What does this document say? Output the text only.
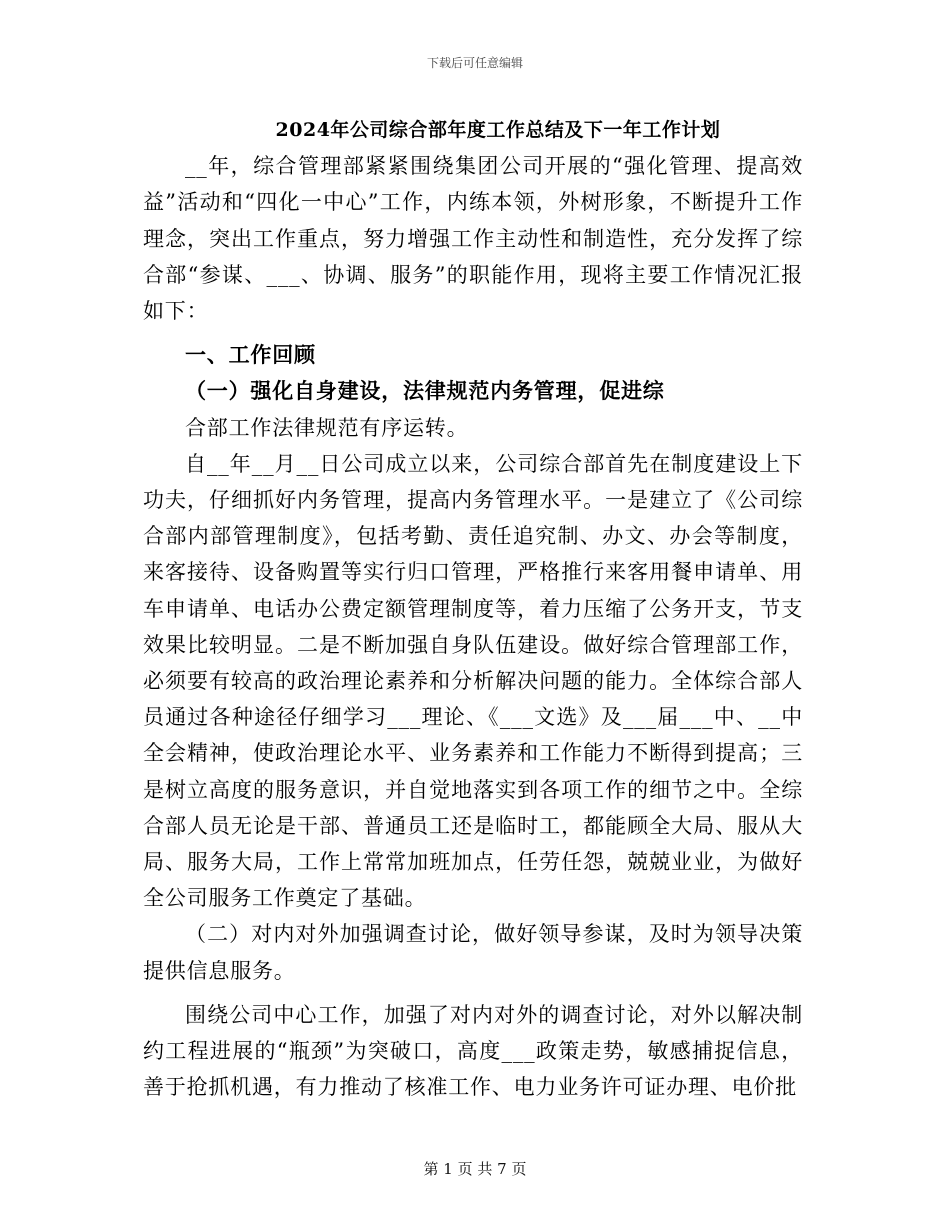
下载后可任意编辑

2024年公司综合部年度工作总结及下一年工作计划

__年，综合管理部紧紧围绕集团公司开展的“强化管理、提高效益”活动和“四化一中心”工作，内练本领，外树形象，不断提升工作理念，突出工作重点，努力增强工作主动性和制造性，充分发挥了综合部“参谋、___、协调、服务”的职能作用，现将主要工作情况汇报如下：

一、工作回顾

（一）强化自身建设，法律规范内务管理，促进综

合部工作法律规范有序运转。

自__年__月__日公司成立以来，公司综合部首先在制度建设上下功夫，仔细抓好内务管理，提高内务管理水平。一是建立了《公司综合部内部管理制度》，包括考勤、责任追究制、办文、办会等制度，来客接待、设备购置等实行归口管理，严格推行来客用餐申请单、用车申请单、电话办公费定额管理制度等，着力压缩了公务开支，节支效果比较明显。二是不断加强自身队伍建设。做好综合管理部工作，必须要有较高的政治理论素养和分析解决问题的能力。全体综合部人员通过各种途径仔细学习___理论、《___文选》及___届___中、__中全会精神，使政治理论水平、业务素养和工作能力不断得到提高；三是树立高度的服务意识，并自觉地落实到各项工作的细节之中。全综合部人员无论是干部、普通员工还是临时工，都能顾全大局、服从大局、服务大局，工作上常常加班加点，任劳任怨，兢兢业业，为做好全公司服务工作奠定了基础。

（二）对内对外加强调查讨论，做好领导参谋，及时为领导决策提供信息服务。

围绕公司中心工作，加强了对内对外的调查讨论，对外以解决制约工程进展的“瓶颈”为突破口，高度___政策走势，敏感捕捉信息，善于抢抓机遇，有力推动了核准工作、电力业务许可证办理、电价批

第 1 页 共 7 页
